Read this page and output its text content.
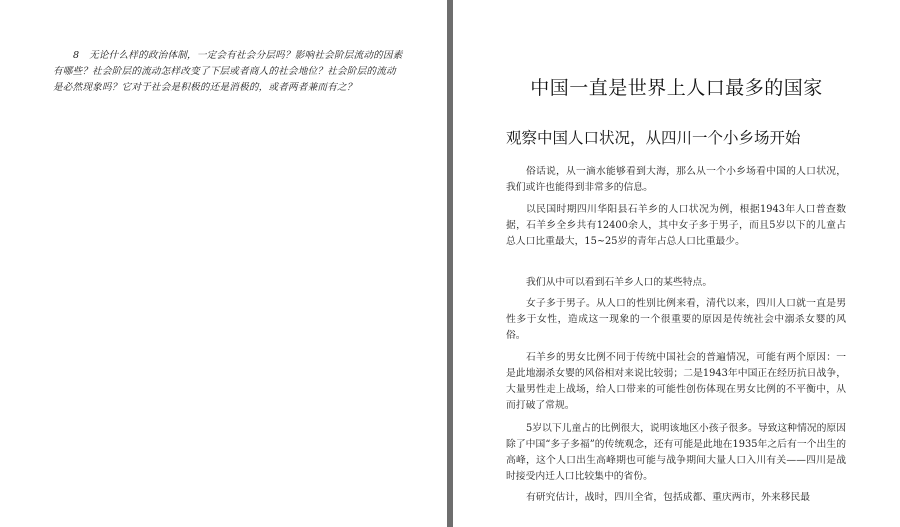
8　无论什么样的政治体制，一定会有社会分层吗？影响社会阶层流动的因素有哪些？社会阶层的流动怎样改变了下层或者商人的社会地位？社会阶层的流动是必然现象吗？它对于社会是积极的还是消极的，或者两者兼而有之？	中国一直是世界上人口最多的国家
观察中国人口状况，从四川一个小乡场开始

俗话说，从一滴水能够看到大海，那么从一个小乡场看中国的人口状况，我们或许也能得到非常多的信息。

以民国时期四川华阳县石羊乡的人口状况为例，根据1943年人口普查数据，石羊乡全乡共有12400余人，其中女子多于男子，而且5岁以下的儿童占总人口比重最大，15~25岁的青年占总人口比重最少。

我们从中可以看到石羊乡人口的某些特点。

女子多于男子。从人口的性别比例来看，清代以来，四川人口就一直是男性多于女性，造成这一现象的一个很重要的原因是传统社会中溺杀女婴的风俗。

石羊乡的男女比例不同于传统中国社会的普遍情况，可能有两个原因：一是此地溺杀女婴的风俗相对来说比较弱；二是1943年中国正在经历抗日战争，大量男性走上战场，给人口带来的可能性创伤体现在男女比例的不平衡中，从而打破了常规。

5岁以下儿童占的比例很大，说明该地区小孩子很多。导致这种情况的原因除了中国“多子多福”的传统观念，还有可能是此地在1935年之后有一个出生的高峰，这个人口出生高峰期也可能与战争期间大量人口入川有关——四川是战时接受内迁人口比较集中的省份。

有研究估计，战时，四川全省，包括成都、重庆两市，外来移民最
